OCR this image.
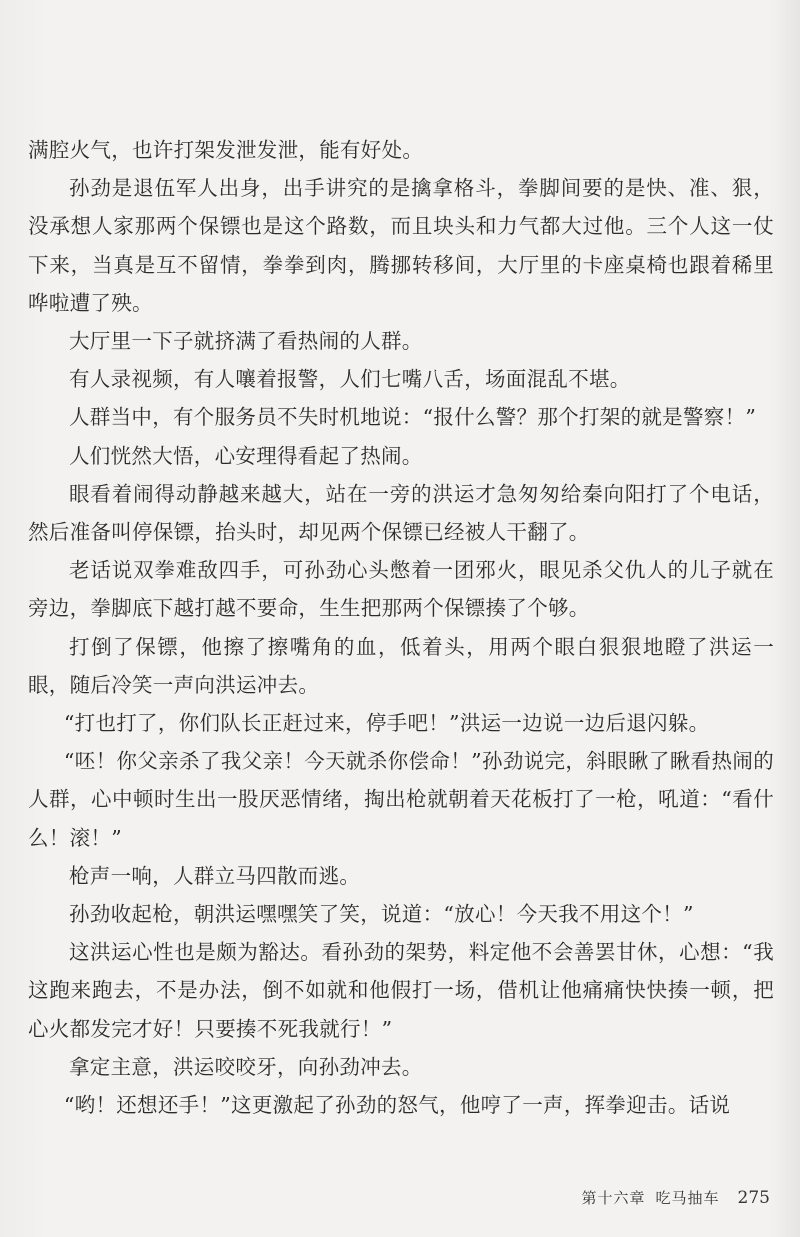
满腔火气，也许打架发泄发泄，能有好处。

孙劲是退伍军人出身，出手讲究的是擒拿格斗，拳脚间要的是快、准、狠，没承想人家那两个保镖也是这个路数，而且块头和力气都大过他。三个人这一仗下来，当真是互不留情，拳拳到肉，腾挪转移间，大厅里的卡座桌椅也跟着稀里哗啦遭了殃。

大厅里一下子就挤满了看热闹的人群。

有人录视频，有人嚷着报警，人们七嘴八舌，场面混乱不堪。

人群当中，有个服务员不失时机地说：“报什么警？那个打架的就是警察！”

人们恍然大悟，心安理得看起了热闹。

眼看着闹得动静越来越大，站在一旁的洪运才急匆匆给秦向阳打了个电话，然后准备叫停保镖，抬头时，却见两个保镖已经被人干翻了。

老话说双拳难敌四手，可孙劲心头憋着一团邪火，眼见杀父仇人的儿子就在旁边，拳脚底下越打越不要命，生生把那两个保镖揍了个够。

打倒了保镖，他擦了擦嘴角的血，低着头，用两个眼白狠狠地瞪了洪运一眼，随后冷笑一声向洪运冲去。

“打也打了，你们队长正赶过来，停手吧！”洪运一边说一边后退闪躲。

“呸！你父亲杀了我父亲！今天就杀你偿命！”孙劲说完，斜眼瞅了瞅看热闹的人群，心中顿时生出一股厌恶情绪，掏出枪就朝着天花板打了一枪，吼道：“看什么！滚！”

枪声一响，人群立马四散而逃。

孙劲收起枪，朝洪运嘿嘿笑了笑，说道：“放心！今天我不用这个！”

这洪运心性也是颇为豁达。看孙劲的架势，料定他不会善罢甘休，心想：“我这跑来跑去，不是办法，倒不如就和他假打一场，借机让他痛痛快快揍一顿，把心火都发完才好！只要揍不死我就行！”

拿定主意，洪运咬咬牙，向孙劲冲去。

“哟！还想还手！”这更激起了孙劲的怒气，他哼了一声，挥拳迎击。话说

第十六章 吃马抽车 275
